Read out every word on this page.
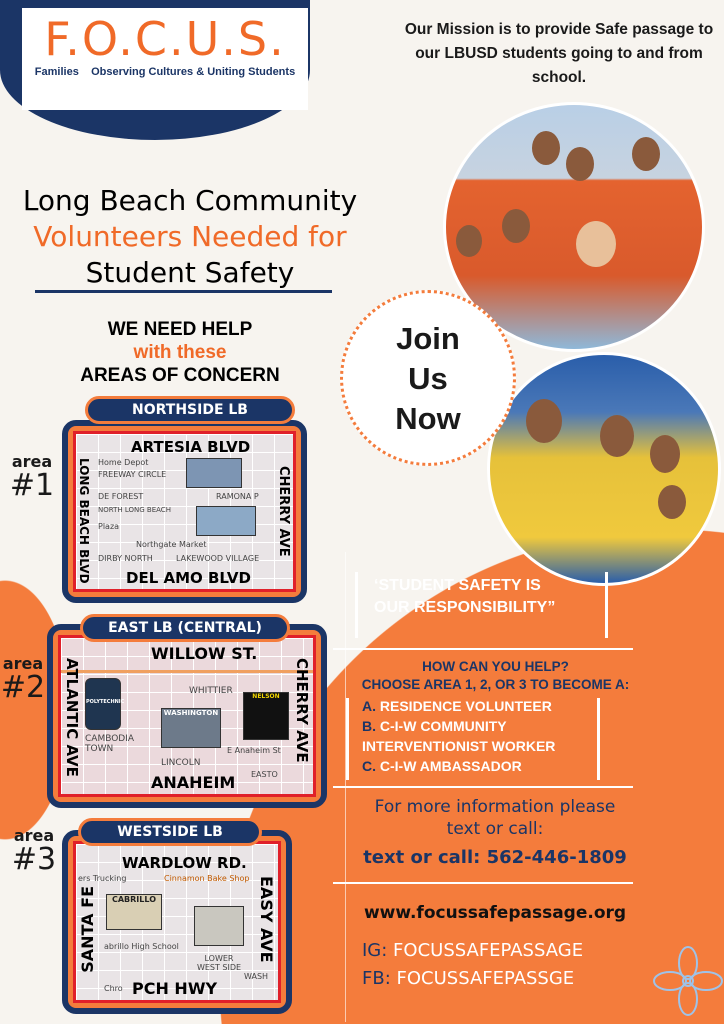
F.O.C.U.S.
Families Observing Cultures & Uniting Students
Our Mission is to provide Safe passage to our LBUSD students going to and from school.
Long Beach Community
Volunteers Needed for
Student Safety
WE NEED HELP
with these
AREAS OF CONCERN
Join
Us
Now
area
#1
ARTESIA BLVD
DEL AMO BLVD
LONG BEACH BLVD	CHERRY AVE
Home Depot
FREEWAY CIRCLE
RAMONA P
DE FOREST
NORTH LONG BEACH
Northgate Market
Plaza
DIRBY NORTH	LAKEWOOD VILLAGE
NORTHSIDE LB
area
#2
WILLOW ST.
ANAHEIM
ATLANTIC AVE	CHERRY AVE
WHITTIER
CAMBODIA TOWN
LINCOLN
E Anaheim St
EASTO
POLYTECHNIC
WASHINGTON
NELSON
EAST LB (CENTRAL)
area
#3	WARDLOW RD.
PCH HWY
SANTA FE	EASY AVE
ers Trucking	Cinnamon Bake Shop
abrillo High School
LOWER WEST SIDE
Chro
WASH
CABRILLO
WESTSIDE LB
‘STUDENT SAFETY IS
OUR RESPONSIBILITY”
HOW CAN YOU HELP?
CHOOSE AREA 1, 2, OR 3 TO BECOME A:
A. RESIDENCE VOLUNTEER
B. C-I-W COMMUNITY
INTERVENTIONIST WORKER
C. C-I-W AMBASSADOR
For more information please
text or call:
text or call: 562-446-1809
www.focussafepassage.org
IG: FOCUSSAFEPASSAGE
FB: FOCUSSAFEPASSGE
